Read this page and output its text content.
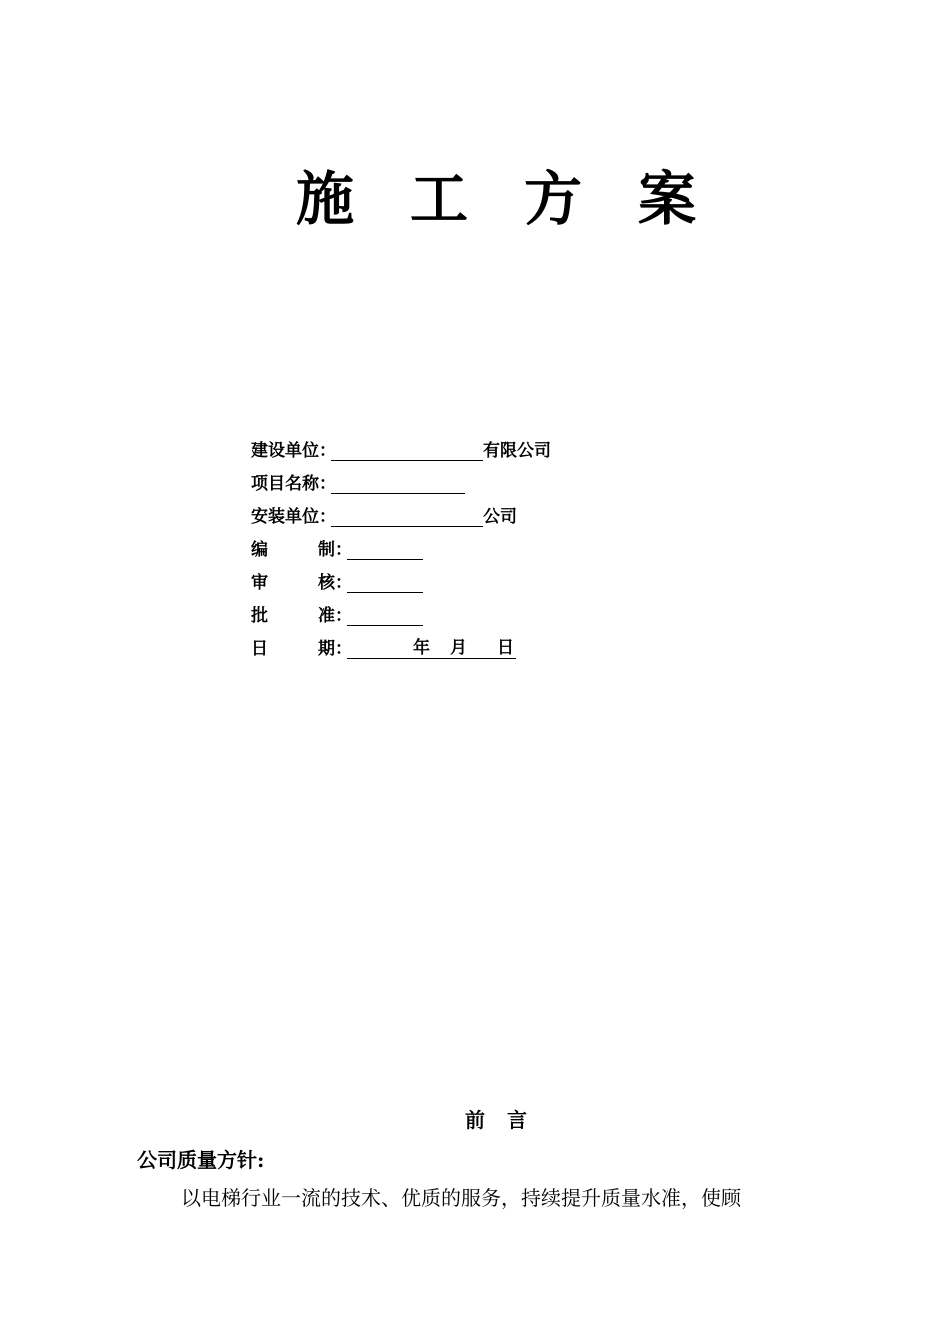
施 工 方 案
建设单位 ：	有限公司
项目名称 ：
安装单位 ：	公司
编	制 ：
审	核 ：
批	准 ：
日	期 ：	年 月 日
前言
公司质量方针:
以电梯行业一流的技术、优质的服务，持续提升质量水准，使顾
